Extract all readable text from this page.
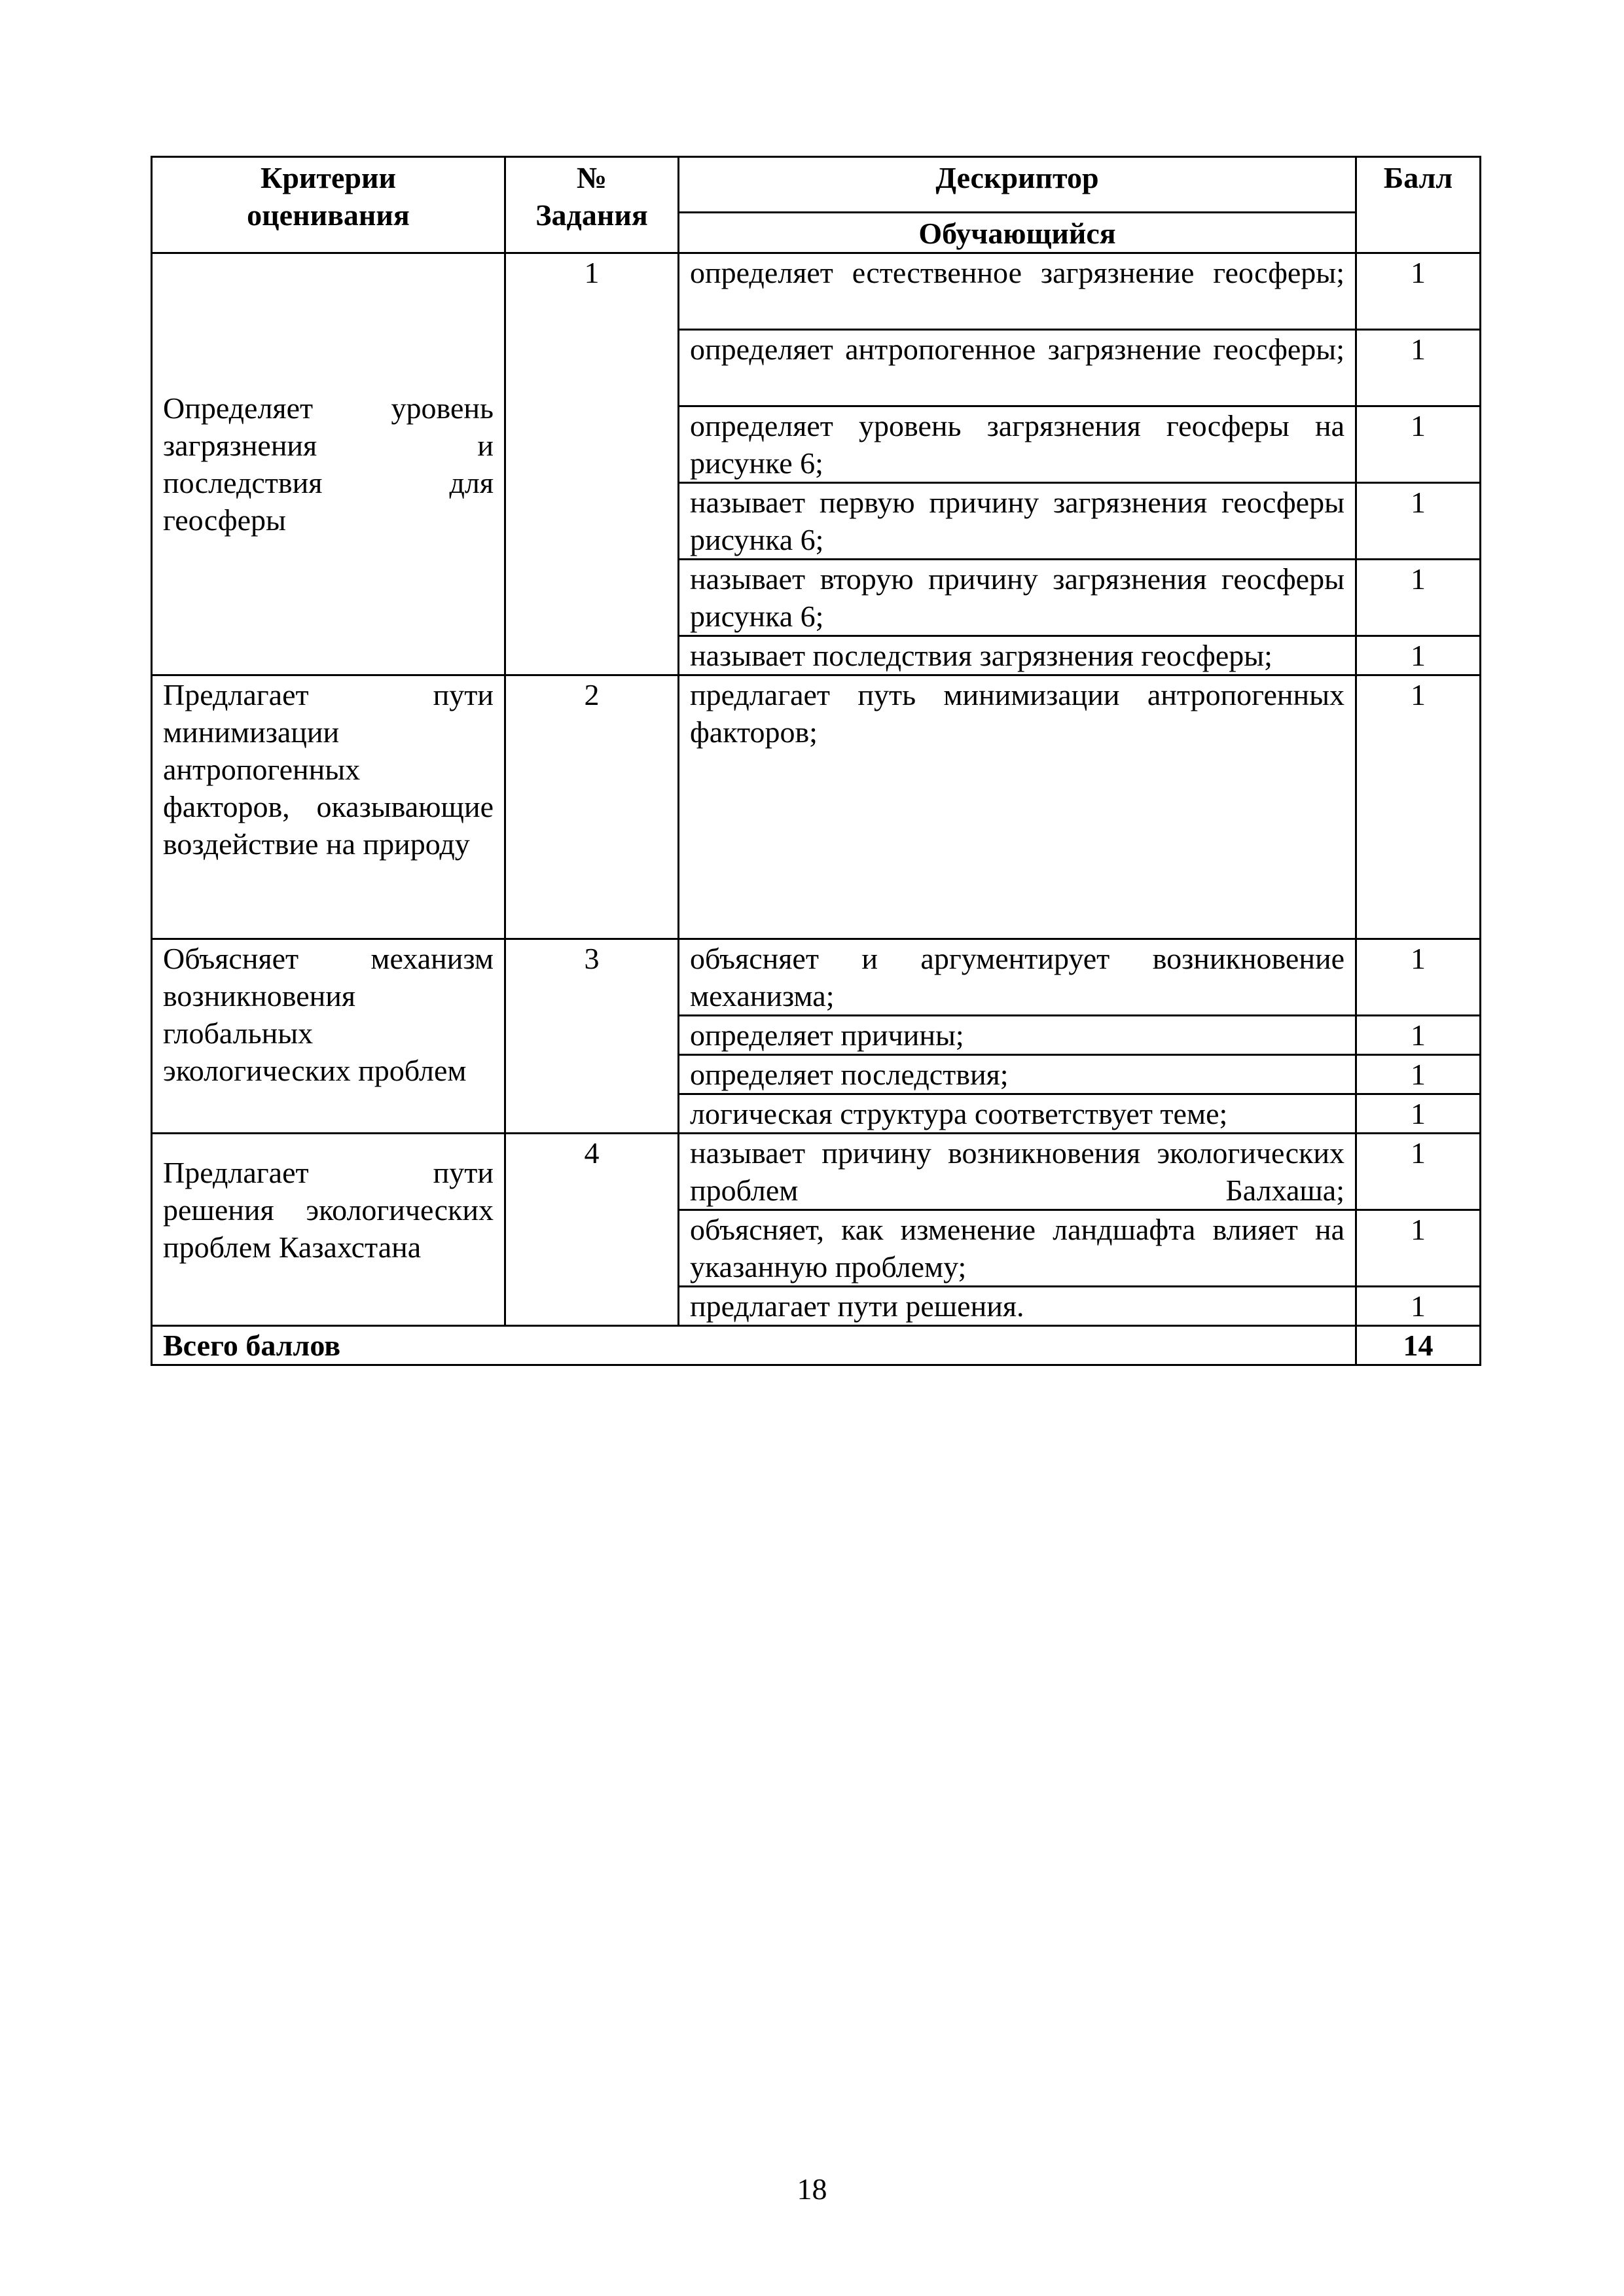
Критерии оценивания	№ Задания	Дескриптор	Балл
		Обучающийся	
Определяет уровень загрязнения и последствия для геосферы	1	определяет естественное загрязнение геосферы;	1
		определяет антропогенное загрязнение геосферы;	1
		определяет уровень загрязнения геосферы на рисунке 6;	1
		называет первую причину загрязнения геосферы рисунка 6;	1
		называет вторую причину загрязнения геосферы рисунка 6;	1
		называет последствия загрязнения геосферы;	1
Предлагает пути минимизации антропогенных факторов, оказывающие воздействие на природу	2	предлагает путь минимизации антропогенных факторов;	1
Объясняет механизм возникновения глобальных экологических проблем	3	объясняет и аргументирует возникновение механизма;	1
		определяет причины;	1
		определяет последствия;	1
		логическая структура соответствует теме;	1
Предлагает пути решения экологических проблем Казахстана	4	называет причину возникновения экологических проблем Балхаша;	1
		объясняет, как изменение ландшафта влияет на указанную проблему;	1
		предлагает пути решения.	1
Всего баллов			14
18
